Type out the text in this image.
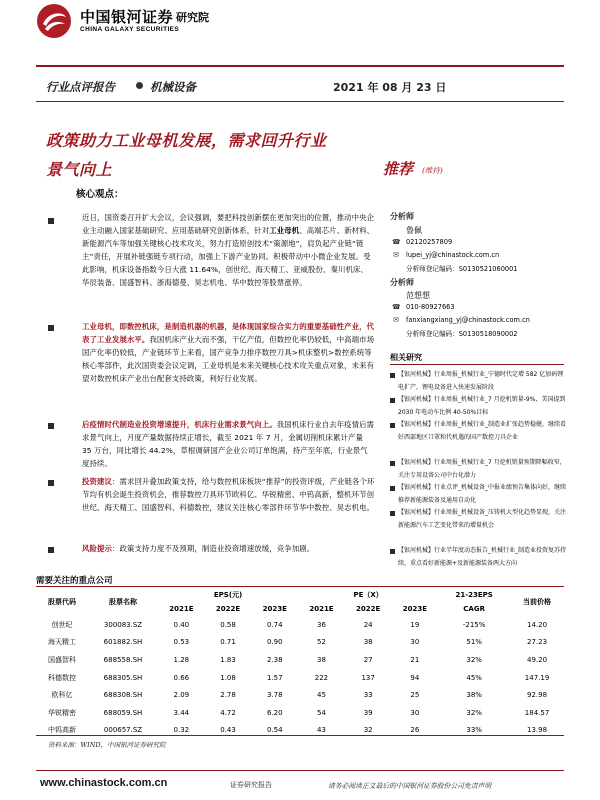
中国银河证券
CHINA GALAXY SECURITIES
研究院
行业点评报告	机械设备	2021 年 08 月 23 日
政策助力工业母机发展，需求回升行业
景气向上	推荐 (维持)
核心观点：
近日，国资委召开扩大会议，会议强调，要把科技创新摆在更加突出的位置，推动中央企业主动融入国家基础研究、应用基础研究创新体系，针对工业母机、高端芯片、新材料、新能源汽车等加强关键核心技术攻关，努力打造原创技术“策源地”，肩负起产业链“链主”责任，开展补链强链专项行动，加强上下游产业协同。积极带动中小微企业发展。受此影响，机床设备指数今日大涨 11.64%，创世纪、海天精工、亚威股份、秦川机床、华辰装备、国盛智科、浙海德曼、昊志机电、华中数控等股票涨停。
工业母机，即数控机床，是制造机器的机器，是体现国家综合实力的重要基础性产业，代表了工业发展水平。我国机床产业大而不强，干亿产值，但数控化率仍较低，中高端市场国产化率仍较低，产业链环节上来看，国产竞争力排序数控刀具>机床整机>数控系统等核心零部件，此次国资委会议定调，工业母机是未来关键核心技术攻关重点对象，未来有望对数控机床产业出台配套支持政策，利好行业发展。
后疫情时代制造业投资增速提升，机床行业需求景气向上。我国机床行业自去年疫情后需求景气向上，月度产量数据持续正增长，截至 2021 年 7 月，金属切削机床累计产量 35 万台，同比增长 44.2%，草根调研国产企业公司订单饱满，持产至年底，行业景气度持续。
投资建议：需求回升叠加政策支持，给与数控机床板块“推荐”的投资评级，产业链各个环节均有机会诞生投资机会，推荐数控刀具环节欧科亿、华锐精密、中钨高新，整机环节创世纪、海天精工、国盛智科、科德数控，建议关注核心零部件环节华中数控、昊志机电。
风险提示：政策支持力度不及预期，制造业投资增速放缓，竞争加剧。
分析师
鲁佩
☎ 02120257809
✉ lupei_yj@chinastock.com.cn
分析师登记编码：S0130521060001
分析师
范想想
☎ 010-80927663
✉ fanxiangxiang_yj@chinastock.com.cn
分析师登记编码：S0130518090002
相关研究
【银河机械】行业周报_机械行业_宁德时代定增 582 亿加码锂电扩产，锂电设备进入快速发展阶段
【银河机械】行业周报_机械行业_7 月挖机销量-9%，美国提到 2030 年电动车比例 40-50%目标
【银河机械】行业周报_机械行业_制造业扩张趋势稳健，继续看好西部地区口罩和代机遇的国产数控刀具企业
【银河机械】行业周报_机械行业_7 月挖机销量预期降幅收窄，关注专用设备公司中台化潜力
【银河机械】行业点评_机械设备_中报业绩预告集体向好，继续推荐新能源装备及通用自动化
【银河机械】行业周报_机械设备_压铸机大型化趋势显现，关注新能源汽车工艺变化带来的增量机会
【银河机械】行业半年度动态报告_机械行业_制造业投资复苏持续，重点看好新能源+及新能源装备两大方向
需要关注的重点公司
股票代码	股票名称	EPS(元)			PE（X）			21-23EPS	当前价格
		2021E	2022E	2023E	2021E	2022E	2023E	CAGR	
创世纪	300083.SZ	0.40	0.58	0.74	36	24	19	-215%	14.20
海天精工	601882.SH	0.53	0.71	0.90	52	38	30	51%	27.23
国盛智科	688558.SH	1.28	1.83	2.38	38	27	21	32%	49.20
科德数控	688305.SH	0.66	1.08	1.57	222	137	94	45%	147.19
欧科亿	688308.SH	2.09	2.78	3.78	45	33	25	38%	92.98
华锐精密	688059.SH	3.44	4.72	6.20	54	39	30	32%	184.57
中钨高新	000657.SZ	0.32	0.43	0.54	43	32	26	33%	13.98
资料来源：WIND，中国银河证券研究院
www.chinastock.com.cn	证券研究报告	请务必阅读正文最后的中国银河证券股份公司免责声明
